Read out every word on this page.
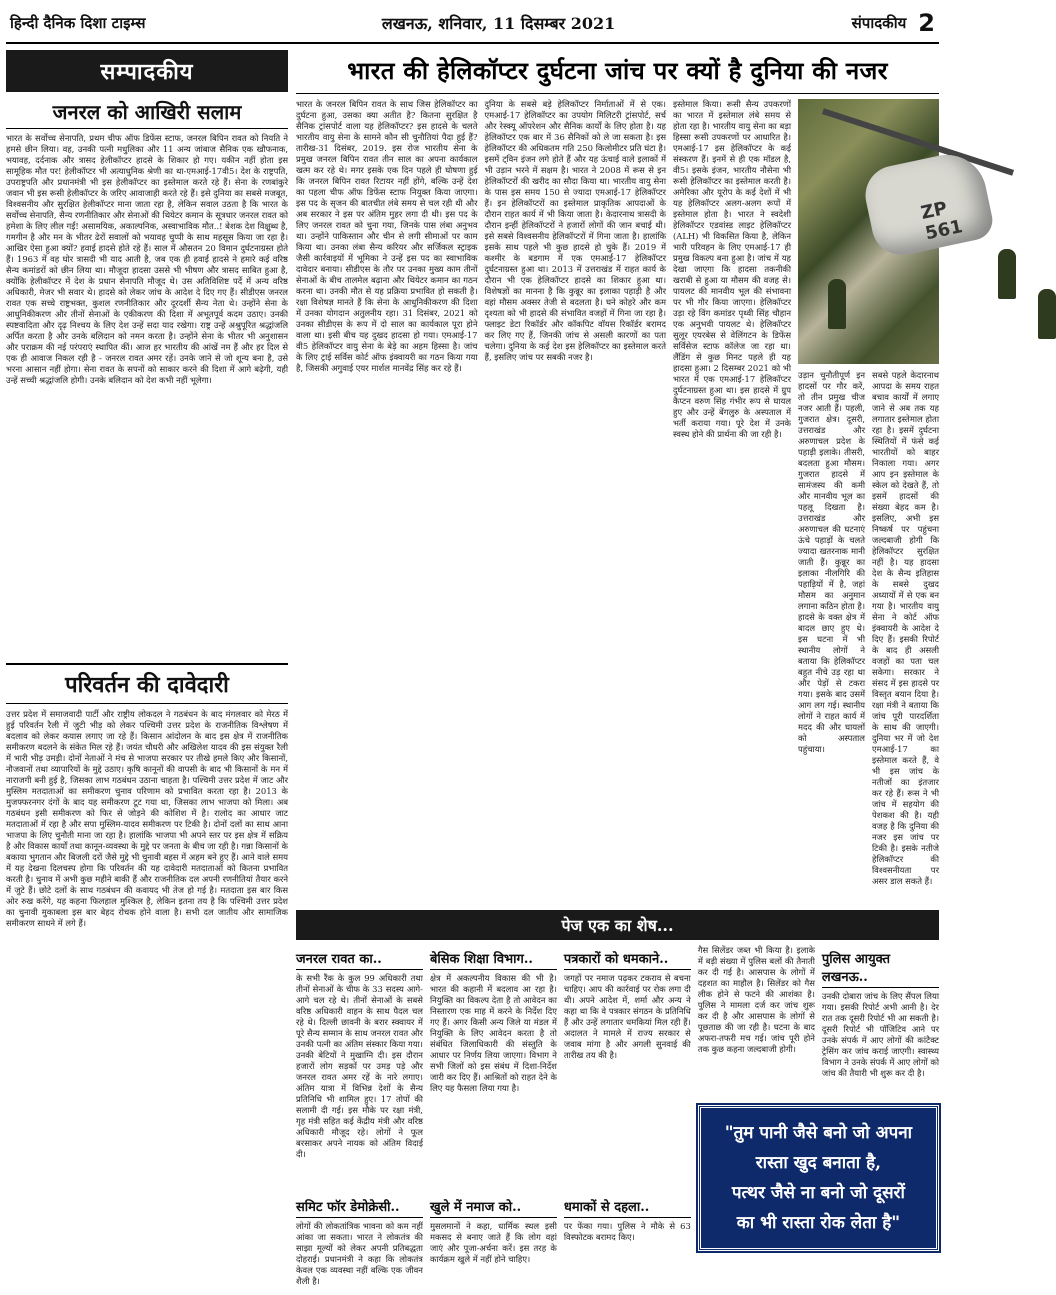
हिन्दी दैनिक दिशा टाइम्स	लखनऊ, शनिवार, 11 दिसम्बर 2021	संपादकीय 2
सम्पादकीय
जनरल को आखिरी सलाम
भारत के सर्वोच्च सेनापति, प्रथम चीफ ऑफ डिफेंस स्टाफ, जनरल बिपिन रावत को नियति ने हमसे छीन लिया। वह, उनकी पत्नी मधुलिका और 11 अन्य जांबाज सैनिक एक खौफनाक, भयावह, दर्दनाक और त्रासद हेलीकॉप्टर हादसे के शिकार हो गए। यकीन नहीं होता इस सामूहिक मौत पर! हेलीकॉप्टर भी अत्याधुनिक श्रेणी का था-एमआई-17वी5। देश के राष्ट्रपति, उपराष्ट्रपति और प्रधानमंत्री भी इस हेलीकॉप्टर का इस्तेमाल करते रहे हैं। सेना के रणबांकुरे जवान भी इस रूसी हेलीकॉप्टर के जरिए आवाजाही करते रहे हैं। इसे दुनिया का सबसे मजबूत, विश्वसनीय और सुरक्षित हेलीकॉप्टर माना जाता रहा है, लेकिन सवाल उठता है कि भारत के सर्वोच्च सेनापति, सैन्य रणनीतिकार और सेनाओं की थियेटर कमान के सूत्रधार जनरल रावत को हमेशा के लिए लील गईं! असामयिक, अकाल्पनिक, अस्वाभाविक मौत..! बेशक देश विक्षुब्ध है, गमगीन है और मन के भीतर ढेरों सवालों को भयावह चुप्पी के साथ महसूस किया जा रहा है। आखिर ऐसा हुआ क्यों? हवाई हादसे होते रहे हैं। साल में औसतन 20 विमान दुर्घटनाग्रस्त होते हैं। 1963 में वह घोर त्रासदी भी याद आती है, जब एक ही हवाई हादसे ने हमारे कई वरिष्ठ सैन्य कमांडरों को छीन लिया था। मौजूदा हादसा उससे भी भीषण और त्रासद साबित हुआ है, क्योंकि हेलीकॉप्टर में देश के प्रधान सेनापति मौजूद थे। उस अतिविशिष्ट पर्दे में अन्य वरिष्ठ अधिकारी, मेजर भी सवार थे। हादसे को लेकर जांच के आदेश दे दिए गए हैं। सीडीएस जनरल रावत एक सच्चे राष्ट्रभक्त, कुशल रणनीतिकार और दूरदर्शी सैन्य नेता थे। उन्होंने सेना के आधुनिकीकरण और तीनों सेनाओं के एकीकरण की दिशा में अभूतपूर्व कदम उठाए। उनकी स्पष्टवादिता और दृढ़ निश्चय के लिए देश उन्हें सदा याद रखेगा। राष्ट्र उन्हें अश्रुपूरित श्रद्धांजलि अर्पित करता है और उनके बलिदान को नमन करता है। उन्होंने सेना के भीतर भी अनुशासन और पराक्रम की नई परंपराएं स्थापित कीं। आज हर भारतीय की आंखें नम हैं और हर दिल से एक ही आवाज निकल रही है - जनरल रावत अमर रहें। उनके जाने से जो शून्य बना है, उसे भरना आसान नहीं होगा। सेना रावत के सपनों को साकार करने की दिशा में आगे बढ़ेगी, यही उन्हें सच्ची श्रद्धांजलि होगी। उनके बलिदान को देश कभी नहीं भूलेगा।
परिवर्तन की दावेदारी
उत्तर प्रदेश में समाजवादी पार्टी और राष्ट्रीय लोकदल ने गठबंधन के बाद मंगलवार को मेरठ में हुई परिवर्तन रैली में जुटी भीड़ को लेकर पश्चिमी उत्तर प्रदेश के राजनीतिक विश्लेषण में बदलाव को लेकर कयास लगाए जा रहे हैं। किसान आंदोलन के बाद इस क्षेत्र में राजनीतिक समीकरण बदलने के संकेत मिल रहे हैं। जयंत चौधरी और अखिलेश यादव की इस संयुक्त रैली में भारी भीड़ उमड़ी। दोनों नेताओं ने मंच से भाजपा सरकार पर तीखे हमले किए और किसानों, नौजवानों तथा व्यापारियों के मुद्दे उठाए। कृषि कानूनों की वापसी के बाद भी किसानों के मन में नाराजगी बनी हुई है, जिसका लाभ गठबंधन उठाना चाहता है। पश्चिमी उत्तर प्रदेश में जाट और मुस्लिम मतदाताओं का समीकरण चुनाव परिणाम को प्रभावित करता रहा है। 2013 के मुजफ्फरनगर दंगों के बाद यह समीकरण टूट गया था, जिसका लाभ भाजपा को मिला। अब गठबंधन इसी समीकरण को फिर से जोड़ने की कोशिश में है। रालोद का आधार जाट मतदाताओं में रहा है और सपा मुस्लिम-यादव समीकरण पर टिकी है। दोनों दलों का साथ आना भाजपा के लिए चुनौती माना जा रहा है। हालांकि भाजपा भी अपने स्तर पर इस क्षेत्र में सक्रिय है और विकास कार्यों तथा कानून-व्यवस्था के मुद्दे पर जनता के बीच जा रही है। गन्ना किसानों के बकाया भुगतान और बिजली दरों जैसे मुद्दे भी चुनावी बहस में अहम बने हुए हैं। आने वाले समय में यह देखना दिलचस्प होगा कि परिवर्तन की यह दावेदारी मतदाताओं को कितना प्रभावित करती है। चुनाव में अभी कुछ महीने बाकी हैं और राजनीतिक दल अपनी रणनीतियां तैयार करने में जुटे हैं। छोटे दलों के साथ गठबंधन की कवायद भी तेज हो गई है। मतदाता इस बार किस ओर रुख करेंगे, यह कहना फिलहाल मुश्किल है, लेकिन इतना तय है कि पश्चिमी उत्तर प्रदेश का चुनावी मुकाबला इस बार बेहद रोचक होने वाला है। सभी दल जातीय और सामाजिक समीकरण साधने में लगे हैं।
भारत की हेलिकॉप्टर दुर्घटना जांच पर क्यों है दुनिया की नजर
भारत के जनरल बिपिन रावत के साथ जिस हेलिकॉप्टर का दुर्घटना हुआ, उसका क्या अतीत है? कितना सुरक्षित है सैनिक ट्रांसपोर्ट वाला यह हेलिकॉप्टर? इस हादसे के चलते भारतीय वायु सेना के सामने कौन सी चुनौतियां पैदा हुई हैं? तारीख-31 दिसंबर, 2019. इस रोज भारतीय सेना के प्रमुख जनरल बिपिन रावत तीन साल का अपना कार्यकाल खत्म कर रहे थे। मगर इसके एक दिन पहले ही घोषणा हुई कि जनरल बिपिन रावत रिटायर नहीं होंगे, बल्कि उन्हें देश का पहला चीफ ऑफ डिफेंस स्टाफ नियुक्त किया जाएगा। इस पद के सृजन की बातचीत लंबे समय से चल रही थी और अब सरकार ने इस पर अंतिम मुहर लगा दी थी। इस पद के लिए जनरल रावत को चुना गया, जिनके पास लंबा अनुभव था। उन्होंने पाकिस्तान और चीन से लगी सीमाओं पर काम किया था। उनका लंबा सैन्य करियर और सर्जिकल स्ट्राइक जैसी कार्रवाइयों में भूमिका ने उन्हें इस पद का स्वाभाविक दावेदार बनाया। सीडीएस के तौर पर उनका मुख्य काम तीनों सेनाओं के बीच तालमेल बढ़ाना और थियेटर कमान का गठन करना था। उनकी मौत से यह प्रक्रिया प्रभावित हो सकती है। रक्षा विशेषज्ञ मानते हैं कि सेना के आधुनिकीकरण की दिशा में उनका योगदान अतुलनीय रहा। 31 दिसंबर, 2021 को उनका सीडीएस के रूप में दो साल का कार्यकाल पूरा होने वाला था। इसी बीच यह दुखद हादसा हो गया। एमआई-17 वी5 हेलिकॉप्टर वायु सेना के बेड़े का अहम हिस्सा है। जांच के लिए ट्राई सर्विस कोर्ट ऑफ इंक्वायरी का गठन किया गया है, जिसकी अगुवाई एयर मार्शल मानवेंद्र सिंह कर रहे हैं।
दुनिया के सबसे बड़े हेलिकॉप्टर निर्माताओं में से एक। एमआई-17 हेलिकॉप्टर का उपयोग मिलिटरी ट्रांसपोर्ट, सर्च और रेस्क्यू ऑपरेशन और सैनिक कार्यों के लिए होता है। यह हेलिकॉप्टर एक बार में 36 सैनिकों को ले जा सकता है। इस हेलिकॉप्टर की अधिकतम गति 250 किलोमीटर प्रति घंटा है। इसमें ट्विन इंजन लगे होते हैं और यह ऊंचाई वाले इलाकों में भी उड़ान भरने में सक्षम है। भारत ने 2008 में रूस से इन हेलिकॉप्टरों की खरीद का सौदा किया था। भारतीय वायु सेना के पास इस समय 150 से ज्यादा एमआई-17 हेलिकॉप्टर हैं। इन हेलिकॉप्टरों का इस्तेमाल प्राकृतिक आपदाओं के दौरान राहत कार्य में भी किया जाता है। केदारनाथ त्रासदी के दौरान इन्हीं हेलिकॉप्टरों ने हजारों लोगों की जान बचाई थी। इसे सबसे विश्वसनीय हेलिकॉप्टरों में गिना जाता है। हालांकि इसके साथ पहले भी कुछ हादसे हो चुके हैं। 2019 में कश्मीर के बडगाम में एक एमआई-17 हेलिकॉप्टर दुर्घटनाग्रस्त हुआ था। 2013 में उत्तराखंड में राहत कार्य के दौरान भी एक हेलिकॉप्टर हादसे का शिकार हुआ था। विशेषज्ञों का मानना है कि कुन्नूर का इलाका पहाड़ी है और वहां मौसम अक्सर तेजी से बदलता है। घने कोहरे और कम दृश्यता को भी हादसे की संभावित वजहों में गिना जा रहा है। फ्लाइट डेटा रिकॉर्डर और कॉकपिट वॉयस रिकॉर्डर बरामद कर लिए गए हैं, जिनकी जांच से असली कारणों का पता चलेगा। दुनिया के कई देश इस हेलिकॉप्टर का इस्तेमाल करते हैं, इसलिए जांच पर सबकी नजर है।
इस्तेमाल किया। रूसी सैन्य उपकरणों का भारत में इस्तेमाल लंबे समय से होता रहा है। भारतीय वायु सेना का बड़ा हिस्सा रूसी उपकरणों पर आधारित है। एमआई-17 इस हेलिकॉप्टर के कई संस्करण हैं। इनमें से ही एक मॉडल है, वी5। इसके इंजन, भारतीय नौसेना भी रूसी हेलिकॉप्टर का इस्तेमाल करती है। अमेरिका और यूरोप के कई देशों में भी यह हेलिकॉप्टर अलग-अलग रूपों में इस्तेमाल होता है। भारत ने स्वदेशी हेलिकॉप्टर एडवांस्ड लाइट हेलिकॉप्टर (ALH) भी विकसित किया है, लेकिन भारी परिवहन के लिए एमआई-17 ही प्रमुख विकल्प बना हुआ है। जांच में यह देखा जाएगा कि हादसा तकनीकी खराबी से हुआ या मौसम की वजह से। पायलट की मानवीय भूल की संभावना पर भी गौर किया जाएगा। हेलिकॉप्टर उड़ा रहे विंग कमांडर पृथ्वी सिंह चौहान एक अनुभवी पायलट थे। हेलिकॉप्टर सुलूर एयरबेस से वेलिंगटन के डिफेंस सर्विसेज स्टाफ कॉलेज जा रहा था। लैंडिंग से कुछ मिनट पहले ही यह हादसा हुआ। 2 दिसम्बर 2021 को भी भारत में एक एमआई-17 हेलिकॉप्टर दुर्घटनाग्रस्त हुआ था। इस हादसे में ग्रुप कैप्टन वरुण सिंह गंभीर रूप से घायल हुए और उन्हें बेंगलुरु के अस्पताल में भर्ती कराया गया। पूरे देश में उनके स्वस्थ होने की प्रार्थना की जा रही है।
ZP 561
उड़ान चुनौतीपूर्ण इन हादसों पर गौर करें, तो तीन प्रमुख चीज नजर आती हैं। पहली, गुजरात क्षेत्र। दूसरी, उत्तराखंड और अरुणाचल प्रदेश के पहाड़ी इलाके। तीसरी, बदलता हुआ मौसम। गुजरात हादसे में सामंजस्य की कमी और मानवीय भूल का पहलू दिखता है। उत्तराखंड और अरुणाचल की घटनाएं ऊंचे पहाड़ों के चलते ज्यादा खतरनाक मानी जाती हैं। कुन्नूर का इलाका नीलगिरि की पहाड़ियों में है, जहां मौसम का अनुमान लगाना कठिन होता है। हादसे के वक्त क्षेत्र में बादल छाए हुए थे। इस घटना में भी स्थानीय लोगों ने बताया कि हेलिकॉप्टर बहुत नीचे उड़ रहा था और पेड़ों से टकरा गया। इसके बाद उसमें आग लग गई। स्थानीय लोगों ने राहत कार्य में मदद की और घायलों को अस्पताल पहुंचाया।
सबसे पहले केदारनाथ आपदा के समय राहत बचाव कार्यों में लगाए जाने से अब तक यह लगातार इस्तेमाल होता रहा है। इसमें दुर्घटना स्थितियों में फंसे कई भारतीयों को बाहर निकाला गया। अगर आप इन इस्तेमाल के स्केल को देखते हैं, तो इसमें हादसों की संख्या बेहद कम है। इसलिए, अभी इस निष्कर्ष पर पहुंचना जल्दबाजी होगी कि हेलिकॉप्टर सुरक्षित नहीं है। यह हादसा देश के सैन्य इतिहास के सबसे दुखद अध्यायों में से एक बन गया है। भारतीय वायु सेना ने कोर्ट ऑफ इंक्वायरी के आदेश दे दिए हैं। इसकी रिपोर्ट के बाद ही असली वजहों का पता चल सकेगा। सरकार ने संसद में इस हादसे पर विस्तृत बयान दिया है। रक्षा मंत्री ने बताया कि जांच पूरी पारदर्शिता के साथ की जाएगी। दुनिया भर में जो देश एमआई-17 का इस्तेमाल करते हैं, वे भी इस जांच के नतीजों का इंतजार कर रहे हैं। रूस ने भी जांच में सहयोग की पेशकश की है। यही वजह है कि दुनिया की नजर इस जांच पर टिकी है। इसके नतीजे हेलिकॉप्टर की विश्वसनीयता पर असर डाल सकते हैं।
पेज एक का शेष...
जनरल रावत का..
के सभी रैंक के कुल 99 अधिकारी तथा तीनों सेनाओं के चीफ के 33 सदस्य आगे-आगे चल रहे थे। तीनों सेनाओं के सबसे वरिष्ठ अधिकारी वाहन के साथ पैदल चल रहे थे। दिल्ली छावनी के बरार स्क्वायर में पूरे सैन्य सम्मान के साथ जनरल रावत और उनकी पत्नी का अंतिम संस्कार किया गया। उनकी बेटियों ने मुखाग्नि दी। इस दौरान हजारों लोग सड़कों पर उमड़ पड़े और जनरल रावत अमर रहें के नारे लगाए। अंतिम यात्रा में विभिन्न देशों के सैन्य प्रतिनिधि भी शामिल हुए। 17 तोपों की सलामी दी गई। इस मौके पर रक्षा मंत्री, गृह मंत्री सहित कई केंद्रीय मंत्री और वरिष्ठ अधिकारी मौजूद रहे। लोगों ने फूल बरसाकर अपने नायक को अंतिम विदाई दी।
समिट फॉर डेमोक्रेसी..
लोगों की लोकतांत्रिक भावना को कम नहीं आंका जा सकता। भारत ने लोकतंत्र की साझा मूल्यों को लेकर अपनी प्रतिबद्धता दोहराई। प्रधानमंत्री ने कहा कि लोकतंत्र केवल एक व्यवस्था नहीं बल्कि एक जीवन शैली है।
बेसिक शिक्षा विभाग..
क्षेत्र में अकल्पनीय विकास की भी है। भारत की कहानी में बदलाव आ रहा है। नियुक्ति का विकल्प देता है तो आवेदन का निस्तारण एक माह में करने के निर्देश दिए गए हैं। अगर किसी अन्य जिले या मंडल में नियुक्ति के लिए आवेदन करता है तो संबंधित जिलाधिकारी की संस्तुति के आधार पर निर्णय लिया जाएगा। विभाग ने सभी जिलों को इस संबंध में दिशा-निर्देश जारी कर दिए हैं। आश्रितों को राहत देने के लिए यह फैसला लिया गया है।
खुले में नमाज को..
मुसलमानों ने कहा, धार्मिक स्थल इसी मकसद से बनाए जाते हैं कि लोग वहां जाएं और पूजा-अर्चना करें। इस तरह के कार्यक्रम खुले में नहीं होने चाहिए।
पत्रकारों को धमकाने..
जगहों पर नमाज पढ़कर टकराव से बचना चाहिए। आप की कार्रवाई पर रोक लगा दी थी। अपने आदेश में, शर्मा और अन्य ने कहा था कि वे पत्रकार संगठन के प्रतिनिधि हैं और उन्हें लगातार धमकियां मिल रही हैं। अदालत ने मामले में राज्य सरकार से जवाब मांगा है और अगली सुनवाई की तारीख तय की है।
धमाकों से दहला..
पर फेंका गया। पुलिस ने मौके से 63 विस्फोटक बरामद किए।
गैस सिलेंडर जब्त भी किया है। इलाके में बड़ी संख्या में पुलिस बलों की तैनाती कर दी गई है। आसपास के लोगों में दहशत का माहौल है। सिलेंडर को गैस लीक होने से फटने की आशंका है। पुलिस ने मामला दर्ज कर जांच शुरू कर दी है और आसपास के लोगों से पूछताछ की जा रही है। घटना के बाद अफरा-तफरी मच गई। जांच पूरी होने तक कुछ कहना जल्दबाजी होगी।
पुलिस आयुक्त लखनऊ..
उनकी दोबारा जांच के लिए सैंपल लिया गया। इसकी रिपोर्ट अभी आनी है। देर रात तक दूसरी रिपोर्ट भी आ सकती है। दूसरी रिपोर्ट भी पॉजिटिव आने पर उनके संपर्क में आए लोगों की कांटैक्ट ट्रेसिंग कर जांच कराई जाएगी। स्वास्थ्य विभाग ने उनके संपर्क में आए लोगों को जांच की तैयारी भी शुरू कर दी है।
"तुम पानी जैसे बनो जो अपना
रास्ता खुद बनाता है,
पत्थर जैसे ना बनो जो दूसरों
का भी रास्ता रोक लेता है"
